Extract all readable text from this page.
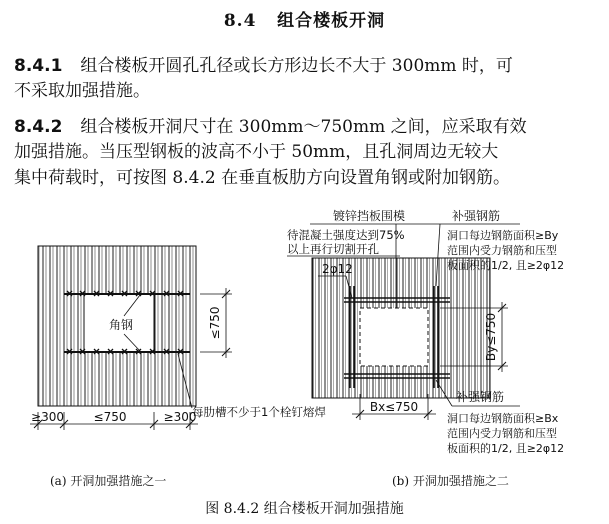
8.4 组合楼板开洞
8.4.1 组合楼板开圆孔孔径或长方形边长不大于 300mm 时，可
不采取加强措施。
8.4.2 组合楼板开洞尺寸在 300mm～750mm 之间，应采取有效
加强措施。当压型钢板的波高不小于 50mm，且孔洞周边无较大
集中荷载时，可按图 8.4.2 在垂直板肋方向设置角钢或附加钢筋。
角钢	≤750
≥300 ≤750	≥300
每肋槽不少于1个栓钉熔焊
镀锌挡板围模
待混凝土强度达到75%
以上再行切割开孔
2φ12
补强钢筋
洞口每边钢筋面积≥By
范围内受力钢筋和压型
板面积的1/2, 且≥2φ12
By≤750
Bx≤750
补强钢筋
洞口每边钢筋面积≥Bx
范围内受力钢筋和压型
板面积的1/2, 且≥2φ12
(a) 开洞加强措施之一	(b) 开洞加强措施之二
图 8.4.2 组合楼板开洞加强措施
